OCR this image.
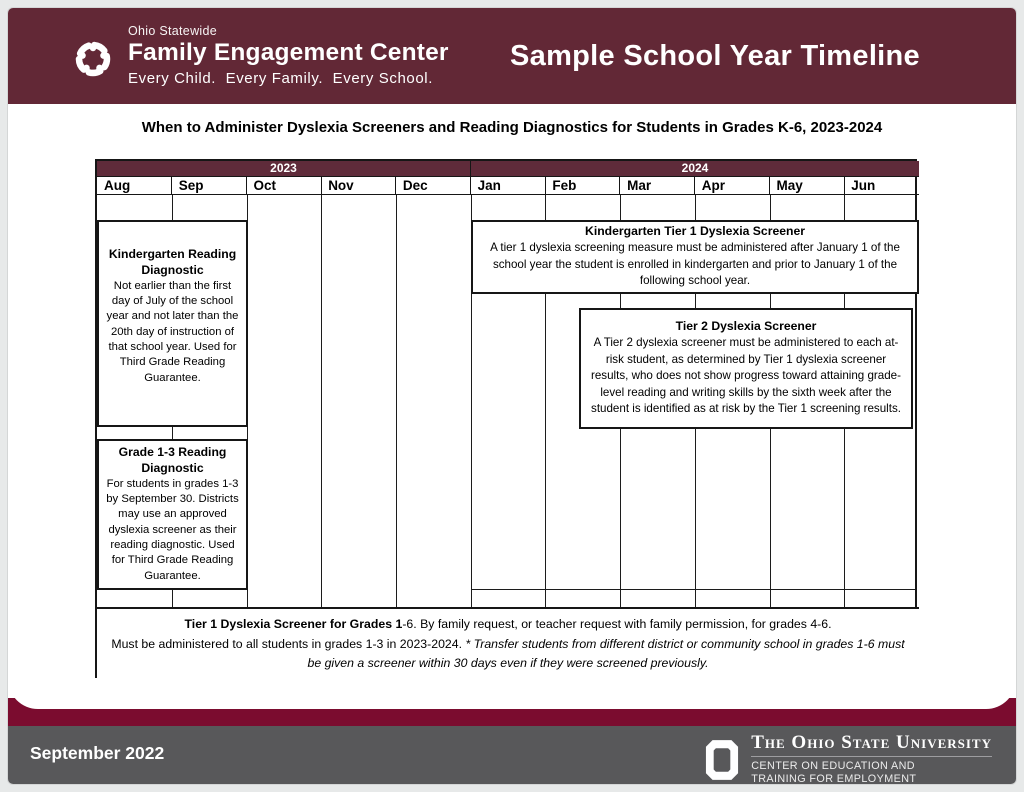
Ohio Statewide
Family Engagement Center
Every Child.  Every Family.  Every School.
Sample School Year Timeline
When to Administer Dyslexia Screeners and Reading Diagnostics for Students in Grades K-6, 2023-2024
2023	2024
Aug	Sep	Oct	Nov	Dec	Jan	Feb	Mar	Apr	May	Jun
Kindergarten Reading Diagnostic

Not earlier than the first day of July of the school year and not later than the 20th day of instruction of that school year. Used for Third Grade Reading Guarantee.

Grade 1-3 Reading Diagnostic

For students in grades 1-3 by September 30. Districts may use an approved dyslexia screener as their reading diagnostic. Used for Third Grade Reading Guarantee.

Kindergarten Tier 1 Dyslexia Screener

A tier 1 dyslexia screening measure must be administered after January 1 of the school year the student is enrolled in kindergarten and prior to January 1 of the following school year.

Tier 2 Dyslexia Screener

A Tier 2 dyslexia screener must be administered to each at-risk student, as determined by Tier 1 dyslexia screener results, who does not show progress toward attaining grade-level reading and writing skills by the sixth week after the student is identified as at risk by the Tier 1 screening results.

Tier 1 Dyslexia Screener for Grades 1-6. By family request, or teacher request with family permission, for grades 4-6.
Must be administered to all students in grades 1-3 in 2023-2024. * Transfer students from different district or community school in grades 1-6 must be given a screener within 30 days even if they were screened previously.
September 2022	The Ohio State University
CENTER ON EDUCATION AND
TRAINING FOR EMPLOYMENT
